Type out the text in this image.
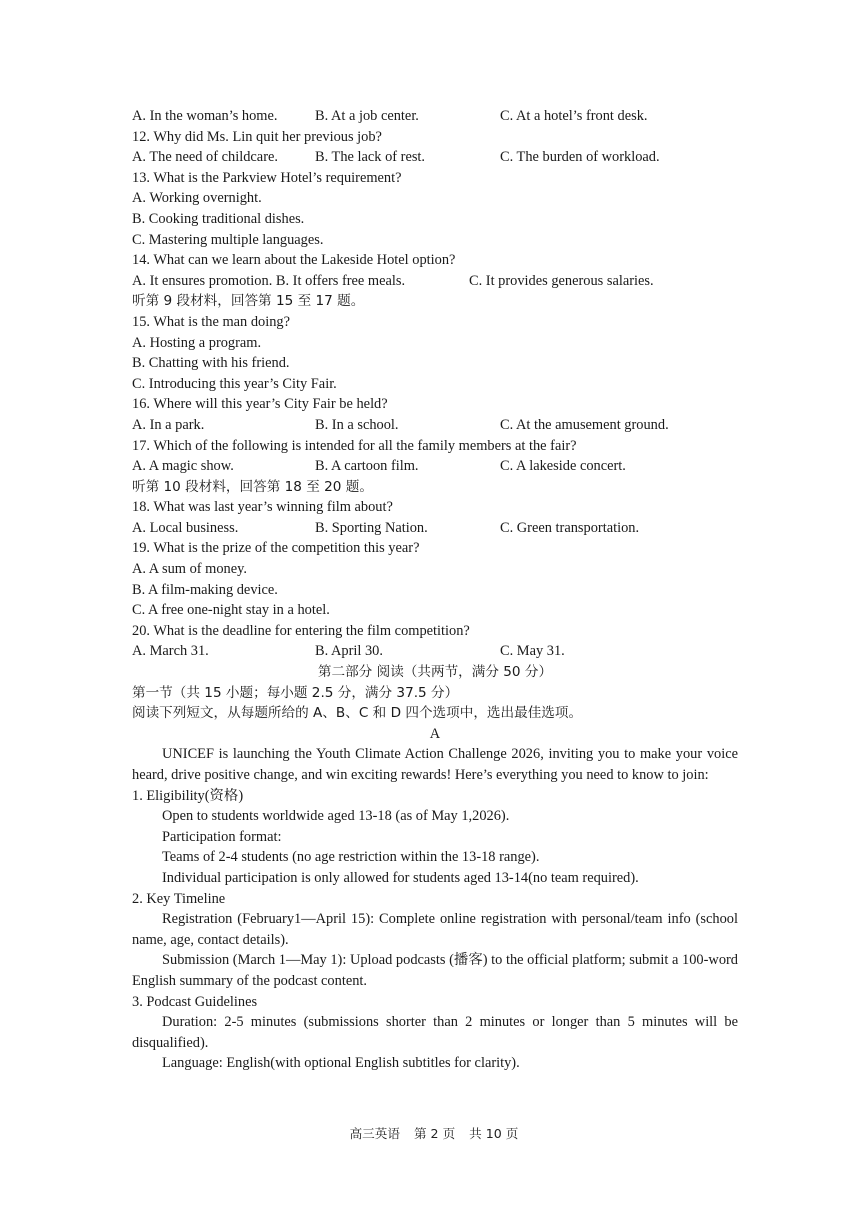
A. In the woman’s home.	B. At a job center.	C. At a hotel’s front desk.
12. Why did Ms. Lin quit her previous job?
A. The need of childcare.	B. The lack of rest.	C. The burden of workload.
13. What is the Parkview Hotel’s requirement?
A. Working overnight.
B. Cooking traditional dishes.
C. Mastering multiple languages.
14. What can we learn about the Lakeside Hotel option?
A. It ensures promotion. B. It offers free meals.	C. It provides generous salaries.
听第 9 段材料，回答第 15 至 17 题。
15. What is the man doing?
A. Hosting a program.
B. Chatting with his friend.
C. Introducing this year’s City Fair.
16. Where will this year’s City Fair be held?
A. In a park.	B. In a school.	C. At the amusement ground.
17. Which of the following is intended for all the family members at the fair?
A. A magic show.	B. A cartoon film.	C. A lakeside concert.
听第 10 段材料，回答第 18 至 20 题。
18. What was last year’s winning film about?
A. Local business.	B. Sporting Nation.	C. Green transportation.
19. What is the prize of the competition this year?
A. A sum of money.
B. A film-making device.
C. A free one-night stay in a hotel.
20. What is the deadline for entering the film competition?
A. March 31.	B. April 30.	C. May 31.
第二部分 阅读（共两节，满分 50 分）
第一节（共 15 小题；每小题 2.5 分，满分 37.5 分）
阅读下列短文，从每题所给的 A、B、C 和 D 四个选项中，选出最佳选项。
A
UNICEF is launching the Youth Climate Action Challenge 2026, inviting you to make your voice heard, drive positive change, and win exciting rewards! Here’s everything you need to know to join:
1. Eligibility(资格)
Open to students worldwide aged 13-18 (as of May 1,2026).
Participation format:
Teams of 2-4 students (no age restriction within the 13-18 range).
Individual participation is only allowed for students aged 13-14(no team required).
2. Key Timeline
Registration (February1—April 15): Complete online registration with personal/team info (school name, age, contact details).
Submission (March 1—May 1): Upload podcasts (播客) to the official platform; submit a 100-word English summary of the podcast content.
3. Podcast Guidelines
Duration: 2-5 minutes (submissions shorter than 2 minutes or longer than 5 minutes will be disqualified).
Language: English(with optional English subtitles for clarity).
高三英语 第 2 页 共 10 页
